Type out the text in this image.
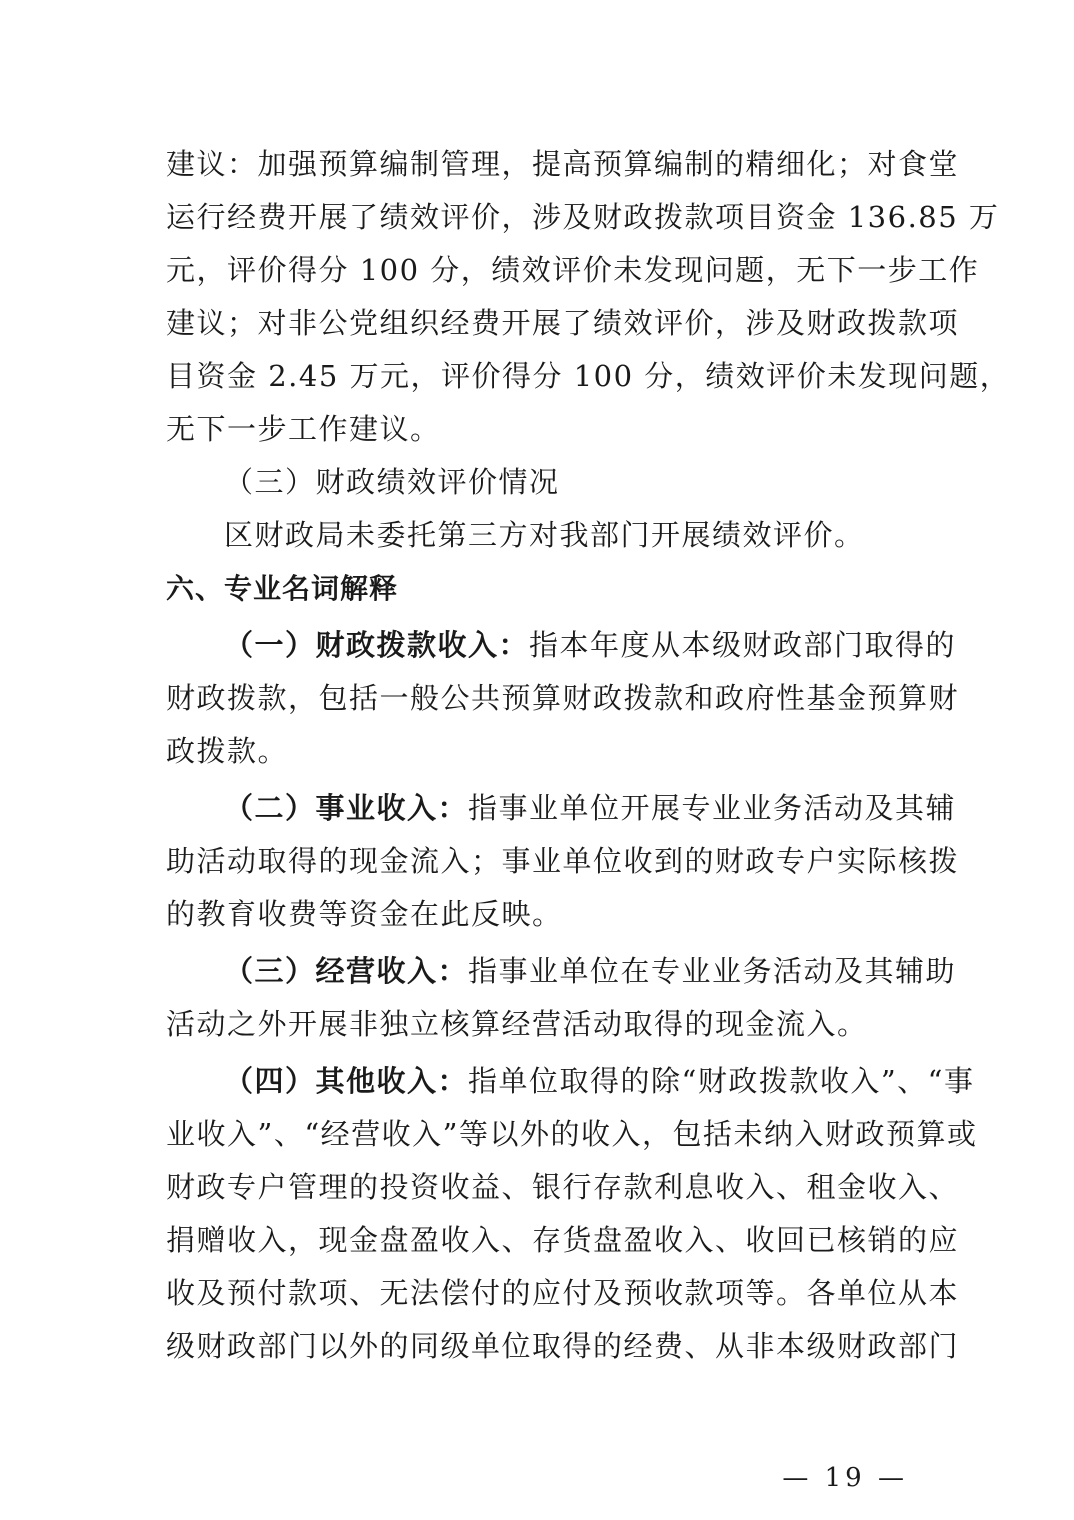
建议：加强预算编制管理，提高预算编制的精细化；对食堂
运行经费开展了绩效评价，涉及财政拨款项目资金 136.85 万
元，评价得分 100 分，绩效评价未发现问题，无下一步工作
建议；对非公党组织经费开展了绩效评价，涉及财政拨款项
目资金 2.45 万元，评价得分 100 分，绩效评价未发现问题，
无下一步工作建议。
（三）财政绩效评价情况
区财政局未委托第三方对我部门开展绩效评价。
六、专业名词解释
（一）财政拨款收入：指本年度从本级财政部门取得的
财政拨款，包括一般公共预算财政拨款和政府性基金预算财
政拨款。
（二）事业收入：指事业单位开展专业业务活动及其辅
助活动取得的现金流入；事业单位收到的财政专户实际核拨
的教育收费等资金在此反映。
（三）经营收入：指事业单位在专业业务活动及其辅助
活动之外开展非独立核算经营活动取得的现金流入。
（四）其他收入：指单位取得的除“财政拨款收入”、“事
业收入”、“经营收入”等以外的收入，包括未纳入财政预算或
财政专户管理的投资收益、银行存款利息收入、租金收入、
捐赠收入，现金盘盈收入、存货盘盈收入、收回已核销的应
收及预付款项、无法偿付的应付及预收款项等。各单位从本
级财政部门以外的同级单位取得的经费、从非本级财政部门
— 19 —
